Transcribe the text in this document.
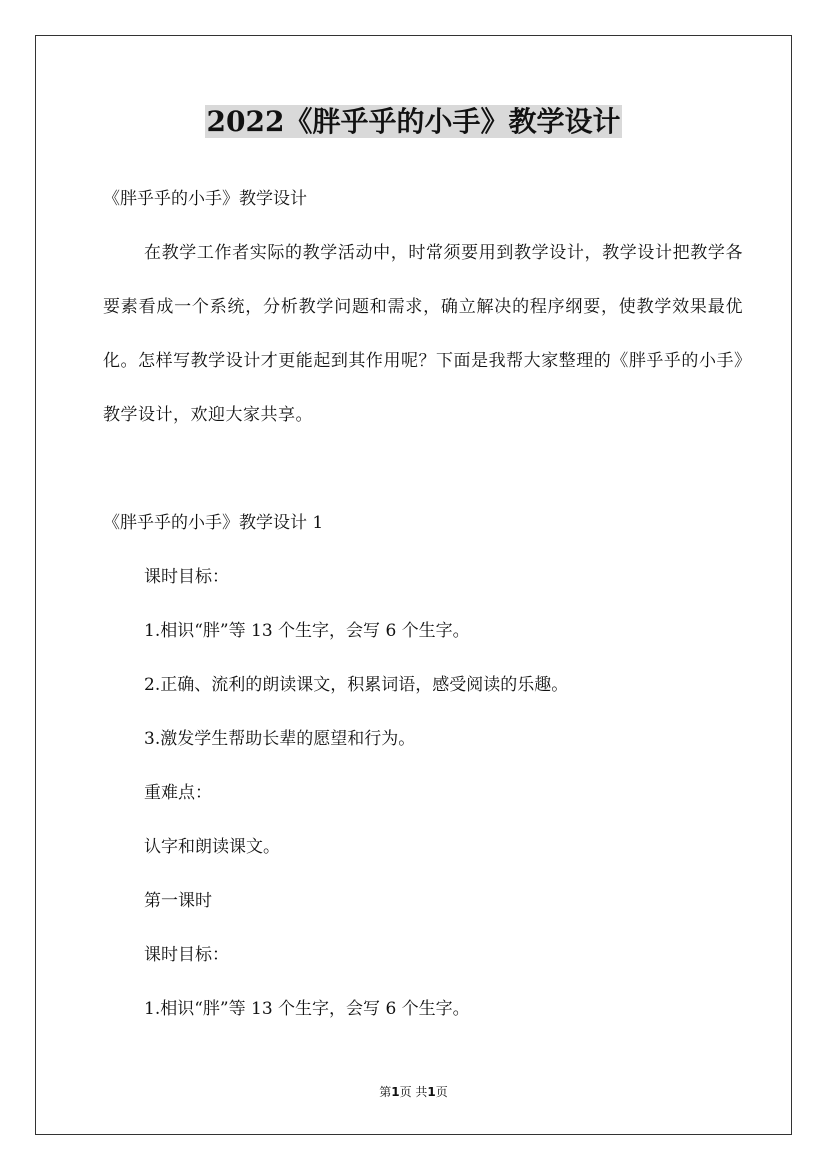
2022《胖乎乎的小手》教学设计

《胖乎乎的小手》教学设计

在教学工作者实际的教学活动中，时常须要用到教学设计，教学设计把教学各要素看成一个系统，分析教学问题和需求，确立解决的程序纲要，使教学效果最优化。怎样写教学设计才更能起到其作用呢？下面是我帮大家整理的《胖乎乎的小手》教学设计，欢迎大家共享。

《胖乎乎的小手》教学设计 1

课时目标：

1.相识“胖”等 13 个生字，会写 6 个生字。

2.正确、流利的朗读课文，积累词语，感受阅读的乐趣。

3.激发学生帮助长辈的愿望和行为。

重难点：

认字和朗读课文。

第一课时

课时目标：

1.相识“胖”等 13 个生字，会写 6 个生字。

第1页 共1页
